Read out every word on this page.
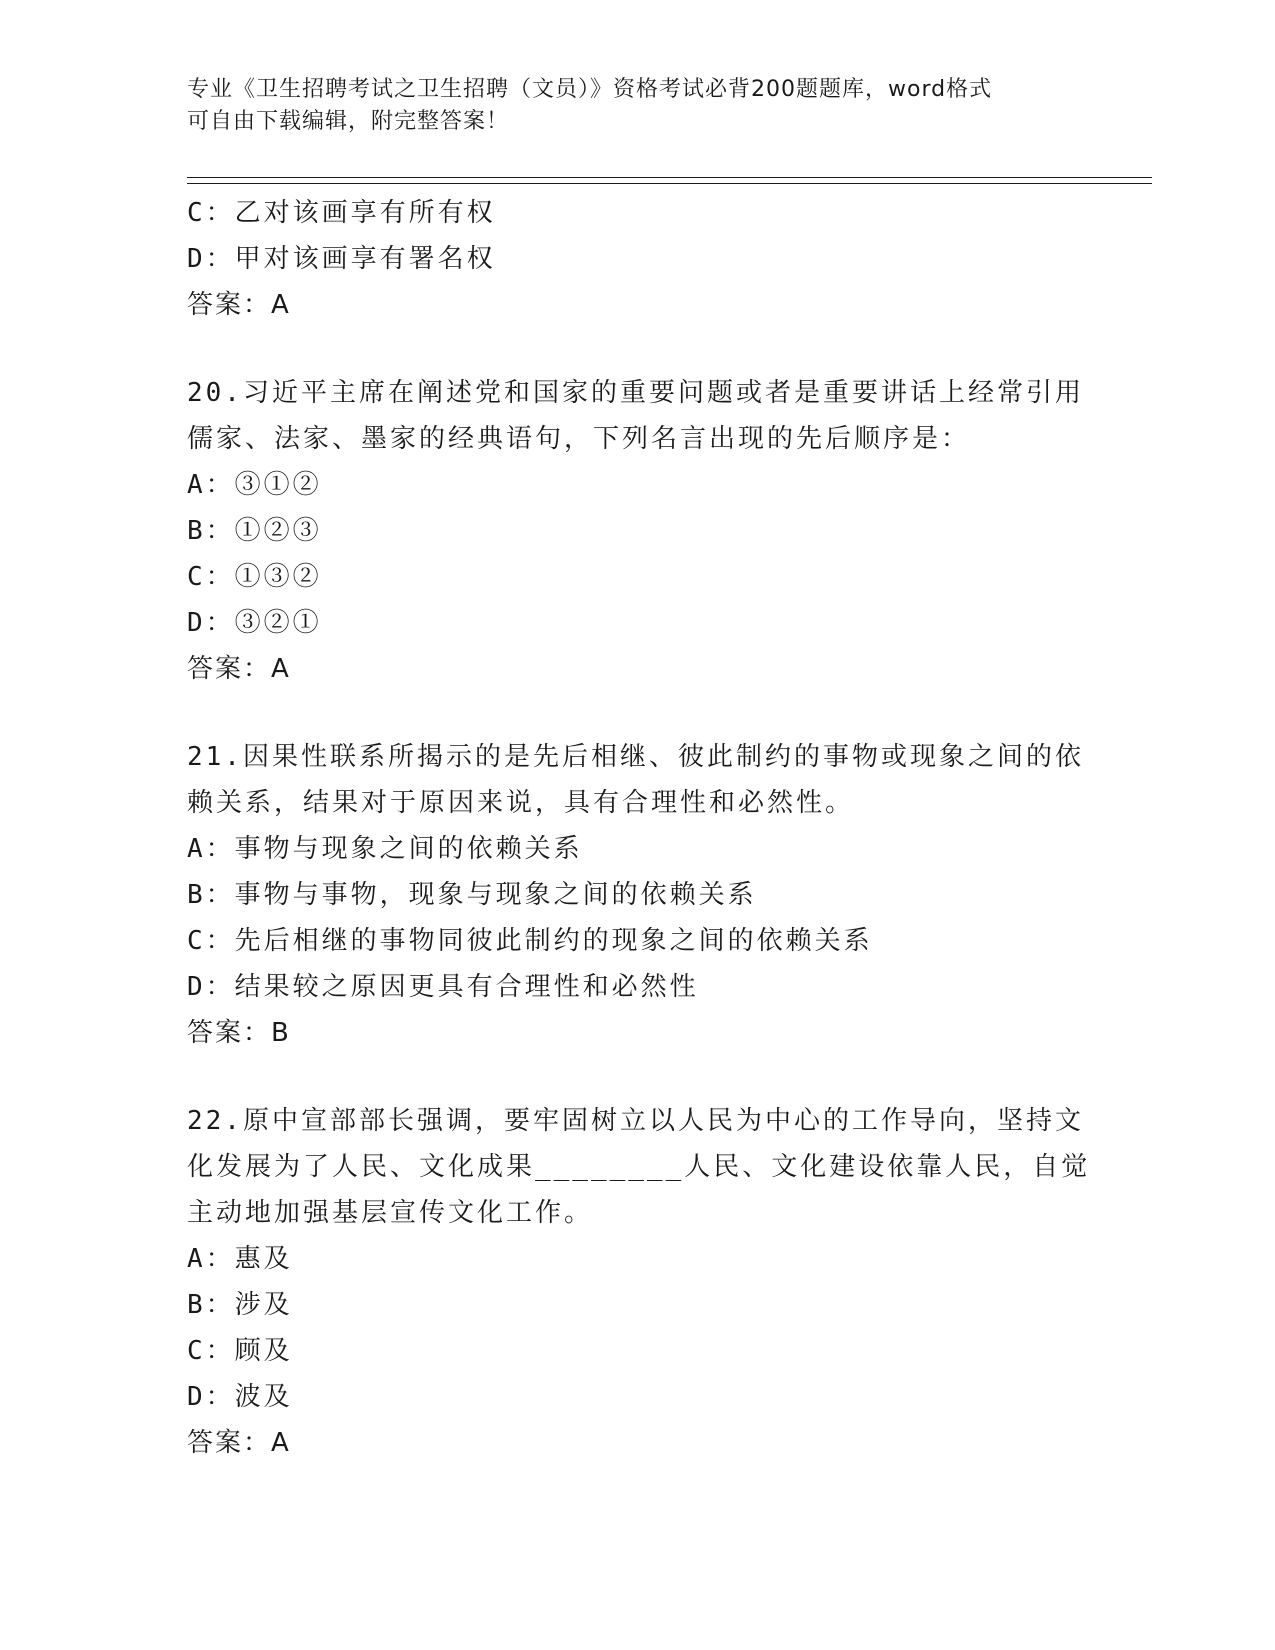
专业《卫生招聘考试之卫生招聘（文员）》资格考试必背200题题库，word格式
可自由下载编辑，附完整答案！
C：乙对该画享有所有权
D：甲对该画享有署名权
答案：A
20.习近平主席在阐述党和国家的重要问题或者是重要讲话上经常引用
儒家、法家、墨家的经典语句，下列名言出现的先后顺序是：
A：③①②
B：①②③
C：①③②
D：③②①
答案：A
21.因果性联系所揭示的是先后相继、彼此制约的事物或现象之间的依
赖关系，结果对于原因来说，具有合理性和必然性。
A：事物与现象之间的依赖关系
B：事物与事物，现象与现象之间的依赖关系
C：先后相继的事物同彼此制约的现象之间的依赖关系
D：结果较之原因更具有合理性和必然性
答案：B
22.原中宣部部长强调，要牢固树立以人民为中心的工作导向，坚持文
化发展为了人民、文化成果________人民、文化建设依靠人民，自觉
主动地加强基层宣传文化工作。
A：惠及
B：涉及
C：顾及
D：波及
答案：A
